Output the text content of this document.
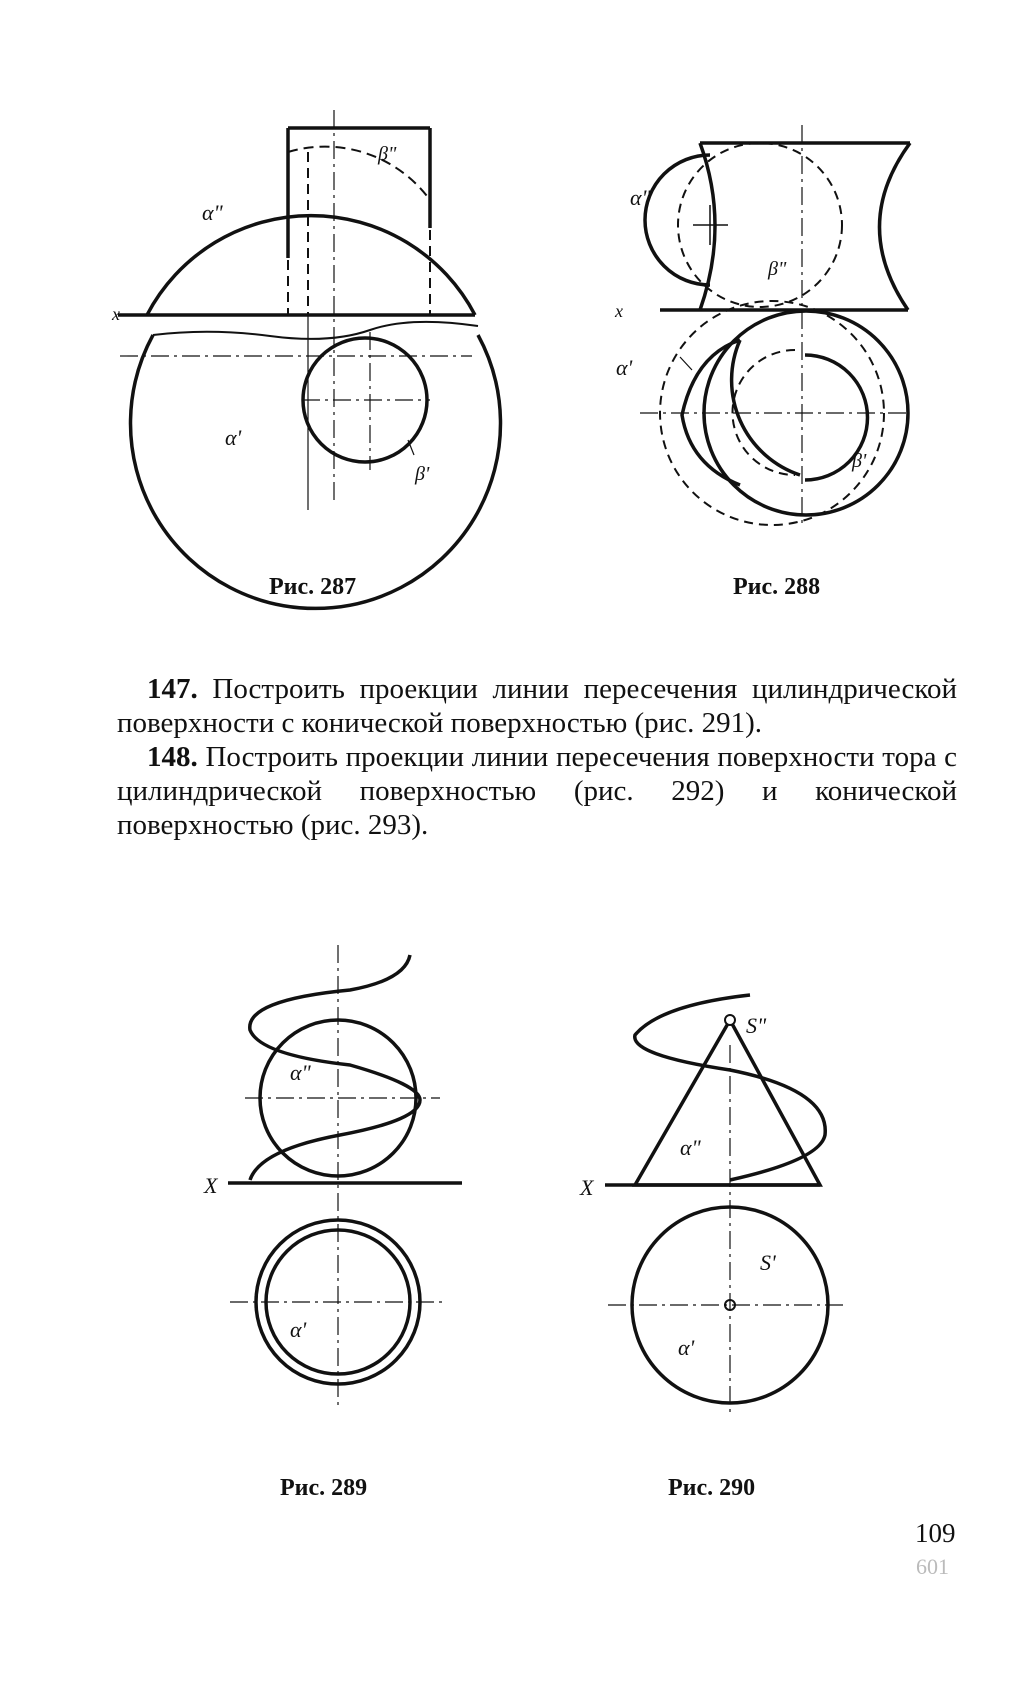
α"
β"
x
α'
β'
Рис. 287
α"
β"
x
α'
β'
Рис. 288
147. Построить проекции линии пересечения цилиндрической поверхности с конической поверхностью (рис. 291).
148. Построить проекции линии пересечения поверхности тора с цилиндрической поверхностью (рис. 292) и конической поверхностью (рис. 293).
α"
X
α'
Рис. 289
S"
α"
X
S'
α'
Рис. 290
109
601
